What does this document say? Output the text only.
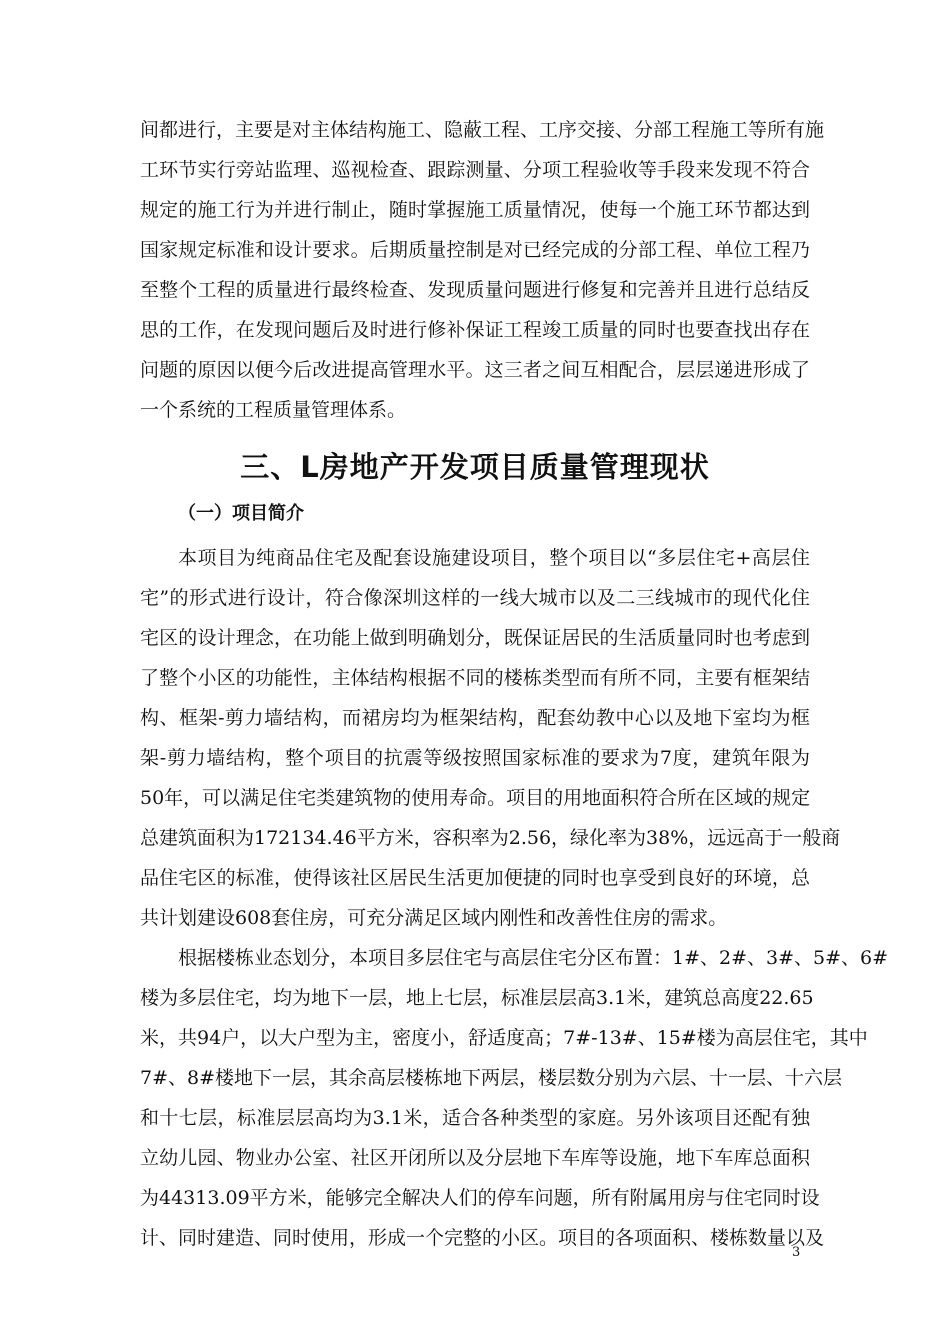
间都进行，主要是对主体结构施工、隐蔽工程、工序交接、分部工程施工等所有施
工环节实行旁站监理、巡视检查、跟踪测量、分项工程验收等手段来发现不符合
规定的施工行为并进行制止，随时掌握施工质量情况，使每一个施工环节都达到
国家规定标准和设计要求。后期质量控制是对已经完成的分部工程、单位工程乃
至整个工程的质量进行最终检查、发现质量问题进行修复和完善并且进行总结反
思的工作，在发现问题后及时进行修补保证工程竣工质量的同时也要查找出存在
问题的原因以便今后改进提高管理水平。这三者之间互相配合，层层递进形成了
一个系统的工程质量管理体系。
三、L房地产开发项目质量管理现状
（一）项目简介
本项目为纯商品住宅及配套设施建设项目，整个项目以“多层住宅+高层住
宅”的形式进行设计，符合像深圳这样的一线大城市以及二三线城市的现代化住
宅区的设计理念，在功能上做到明确划分，既保证居民的生活质量同时也考虑到
了整个小区的功能性，主体结构根据不同的楼栋类型而有所不同，主要有框架结
构、框架-剪力墙结构，而裙房均为框架结构，配套幼教中心以及地下室均为框
架-剪力墙结构，整个项目的抗震等级按照国家标准的要求为7度，建筑年限为
50年，可以满足住宅类建筑物的使用寿命。项目的用地面积符合所在区域的规定
总建筑面积为172134.46平方米，容积率为2.56，绿化率为38%，远远高于一般商
品住宅区的标准，使得该社区居民生活更加便捷的同时也享受到良好的环境，总
共计划建设608套住房，可充分满足区域内刚性和改善性住房的需求。
根据楼栋业态划分，本项目多层住宅与高层住宅分区布置：1#、2#、3#、5#、6#
楼为多层住宅，均为地下一层，地上七层，标准层层高3.1米，建筑总高度22.65
米，共94户，以大户型为主，密度小，舒适度高；7#-13#、15#楼为高层住宅，其中
7#、8#楼地下一层，其余高层楼栋地下两层，楼层数分别为六层、十一层、十六层
和十七层，标准层层高均为3.1米，适合各种类型的家庭。另外该项目还配有独
立幼儿园、物业办公室、社区开闭所以及分层地下车库等设施，地下车库总面积
为44313.09平方米，能够完全解决人们的停车问题，所有附属用房与住宅同时设
计、同时建造、同时使用，形成一个完整的小区。项目的各项面积、楼栋数量以及
3
